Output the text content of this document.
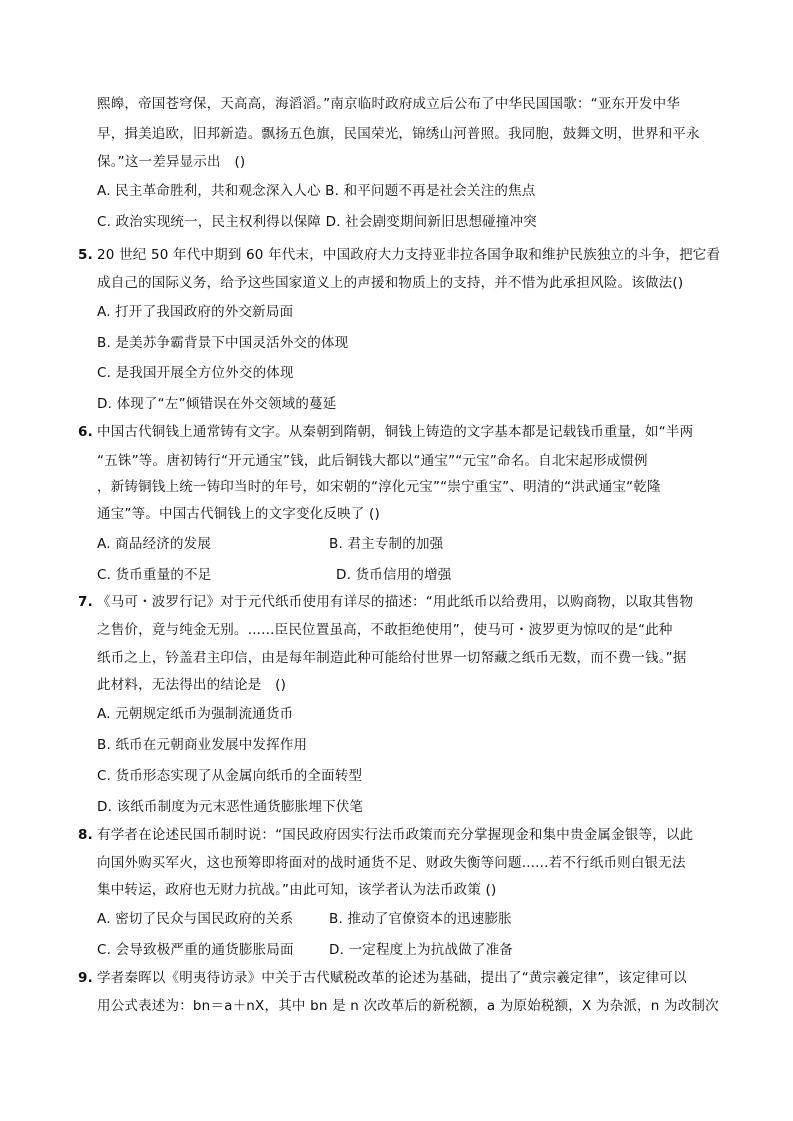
熙皞，帝国苍穹保，天高高，海滔滔。”南京临时政府成立后公布了中华民国国歌：“亚东开发中华
早，揖美追欧，旧邦新造。飘扬五色旗，民国荣光，锦绣山河普照。我同胞，鼓舞文明，世界和平永
保。”这一差异显示出　()
A. 民主革命胜利，共和观念深入人心 B. 和平问题不再是社会关注的焦点
C. 政治实现统一，民主权利得以保障 D. 社会剧变期间新旧思想碰撞冲突
5. 20 世纪 50 年代中期到 60 年代末，中国政府大力支持亚非拉各国争取和维护民族独立的斗争，把它看
成自己的国际义务，给予这些国家道义上的声援和物质上的支持，并不惜为此承担风险。该做法()
A. 打开了我国政府的外交新局面
B. 是美苏争霸背景下中国灵活外交的体现
C. 是我国开展全方位外交的体现
D. 体现了“左”倾错误在外交领域的蔓延
6. 中国古代铜钱上通常铸有文字。从秦朝到隋朝，铜钱上铸造的文字基本都是记载钱币重量，如“半两
“五铢”等。唐初铸行“开元通宝”钱，此后铜钱大都以“通宝”“元宝”命名。自北宋起形成惯例
，新铸铜钱上统一铸印当时的年号，如宋朝的“淳化元宝”“崇宁重宝”、明清的“洪武通宝“乾隆
通宝”等。中国古代铜钱上的文字变化反映了 ()
A. 商品经济的发展	B. 君主专制的加强
C. 货币重量的不足	D. 货币信用的增强
7. 《马可・波罗行记》对于元代纸币使用有详尽的描述：“用此纸币以给费用，以购商物，以取其售物
之售价，竟与纯金无别。......臣民位置虽高，不敢拒绝使用”，使马可・波罗更为惊叹的是“此种
纸币之上，钤盖君主印信，由是每年制造此种可能给付世界一切帑藏之纸币无数，而不费一钱。”据
此材料，无法得出的结论是　()
A. 元朝规定纸币为强制流通货币
B. 纸币在元朝商业发展中发挥作用
C. 货币形态实现了从金属向纸币的全面转型
D. 该纸币制度为元末恶性通货膨胀埋下伏笔
8. 有学者在论述民国币制时说：“国民政府因实行法币政策而充分掌握现金和集中贵金属金银等，以此
向国外购买军火，这也预筹即将面对的战时通货不足、财政失衡等问题......若不行纸币则白银无法
集中转运，政府也无财力抗战。”由此可知，该学者认为法币政策 ()
A. 密切了民众与国民政府的关系	B. 推动了官僚资本的迅速膨胀
C. 会导致极严重的通货膨胀局面	D. 一定程度上为抗战做了准备
9. 学者秦晖以《明夷待访录》中关于古代赋税改革的论述为基础，提出了“黄宗羲定律”，该定律可以
用公式表述为：bn＝a＋nX，其中 bn 是 n 次改革后的新税额，a 为原始税额，X 为杂派，n 为改制次
